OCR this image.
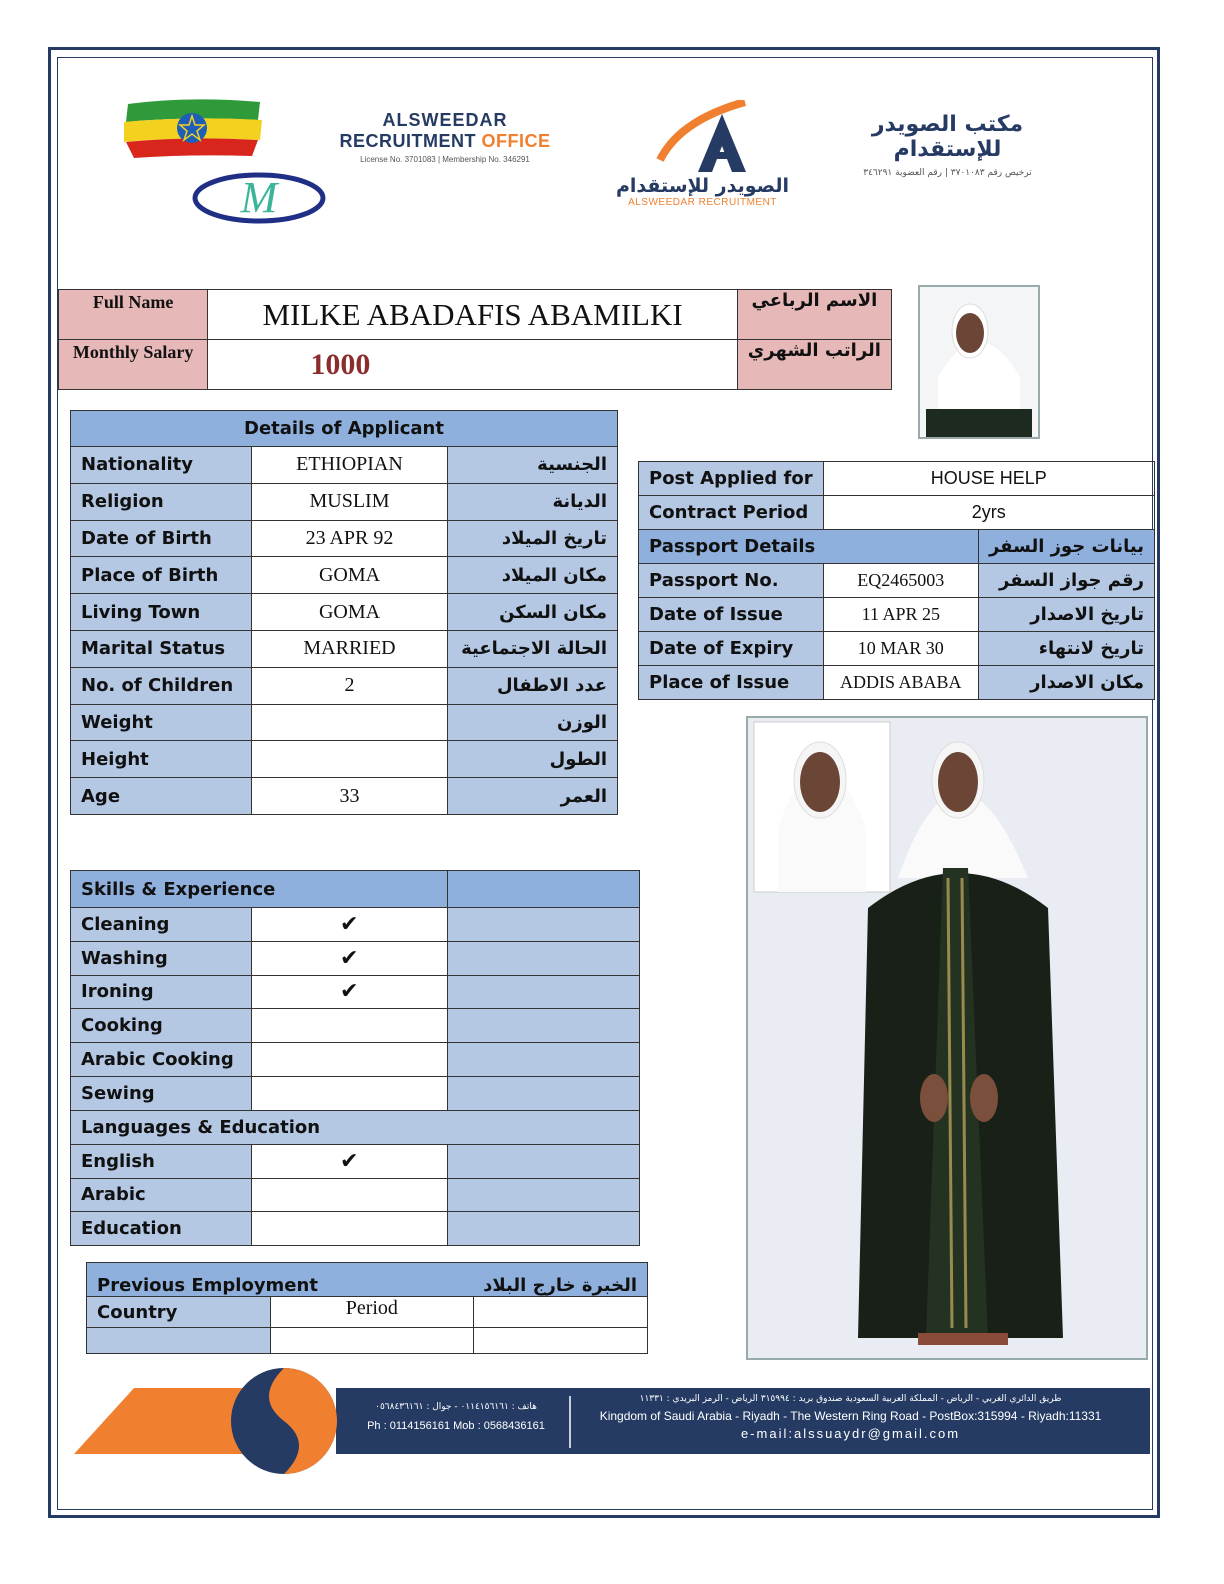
M
ALSWEEDAR
RECRUITMENT OFFICE
License No. 3701083 | Membership No. 346291
الصويدر للإستقدام
ALSWEEDAR RECRUITMENT
مكتب الصويدر للإستقدام
ترخيص رقم ٣٧٠١٠٨٣ | رقم العضوية ٣٤٦٢٩١
Full Name	MILKE ABADAFIS ABAMILKI	الاسم الرباعي
Monthly Salary	1000	الراتب الشهري
Details of Applicant		
Nationality	ETHIOPIAN	الجنسية
Religion	MUSLIM	الديانة
Date of Birth	23 APR 92	تاريخ الميلاد
Place of Birth	GOMA	مكان الميلاد
Living Town	GOMA	مكان السكن
Marital Status	MARRIED	الحالة الاجتماعية
No. of Children	2	عدد الاطفال
Weight		الوزن
Height		الطول
Age	33	العمر
Post Applied for	HOUSE HELP	
Contract Period	2yrs	
Passport Details		بيانات جوز السفر
Passport No.	EQ2465003	رقم جواز السفر
Date of Issue	11 APR 25	تاريخ الاصدار
Date of Expiry	10 MAR 30	تاريخ لانتهاء
Place of Issue	ADDIS ABABA	مكان الاصدار
Skills & Experience		
Cleaning	✔	
Washing	✔	
Ironing	✔	
Cooking		
Arabic Cooking		
Sewing		
Languages & Education		
English	✔	
Arabic		
Education		
Previous Employment		الخبرة خارج البلاد
Country	Period	

هاتف : ٠١١٤١٥٦١٦١ - جوال : ٠٥٦٨٤٣٦١٦١
Ph : 0114156161 Mob : 0568436161
طريق الدائري الغربي - الرياض - المملكة العربية السعودية صندوق بريد : ٣١٥٩٩٤ الرياض - الرمز البريدي : ١١٣٣١
Kingdom of Saudi Arabia - Riyadh - The Western Ring Road - PostBox:315994 - Riyadh:11331
e-mail:alssuaydr@gmail.com
